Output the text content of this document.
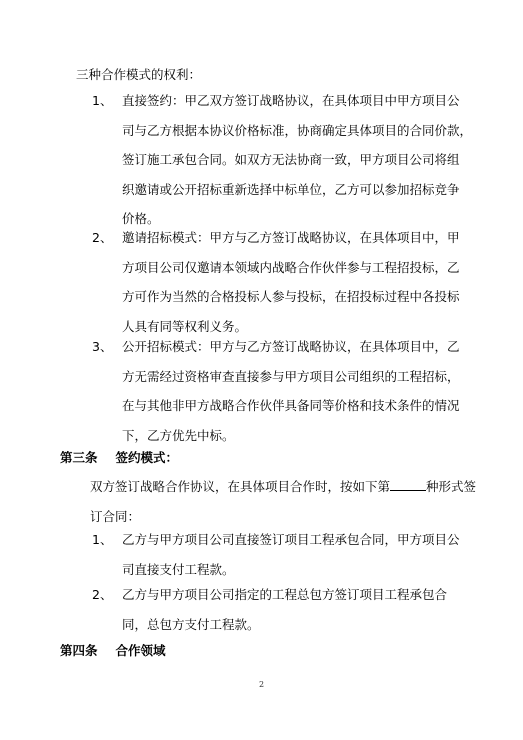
三种合作模式的权利：
1、 直接签约：甲乙双方签订战略协议，在具体项目中甲方项目公
司与乙方根据本协议价格标准，协商确定具体项目的合同价款，
签订施工承包合同。如双方无法协商一致，甲方项目公司将组
织邀请或公开招标重新选择中标单位，乙方可以参加招标竞争
价格。
2、 邀请招标模式：甲方与乙方签订战略协议，在具体项目中，甲
方项目公司仅邀请本领域内战略合作伙伴参与工程招投标，乙
方可作为当然的合格投标人参与投标，在招投标过程中各投标
人具有同等权利义务。
3、 公开招标模式：甲方与乙方签订战略协议，在具体项目中，乙
方无需经过资格审查直接参与甲方项目公司组织的工程招标，
在与其他非甲方战略合作伙伴具备同等价格和技术条件的情况
下，乙方优先中标。
第三条 签约模式：
双方签订战略合作协议，在具体项目合作时，按如下第	种形式签
订合同：
1、 乙方与甲方项目公司直接签订项目工程承包合同，甲方项目公
司直接支付工程款。
2、 乙方与甲方项目公司指定的工程总包方签订项目工程承包合
同，总包方支付工程款。
第四条 合作领域
2
